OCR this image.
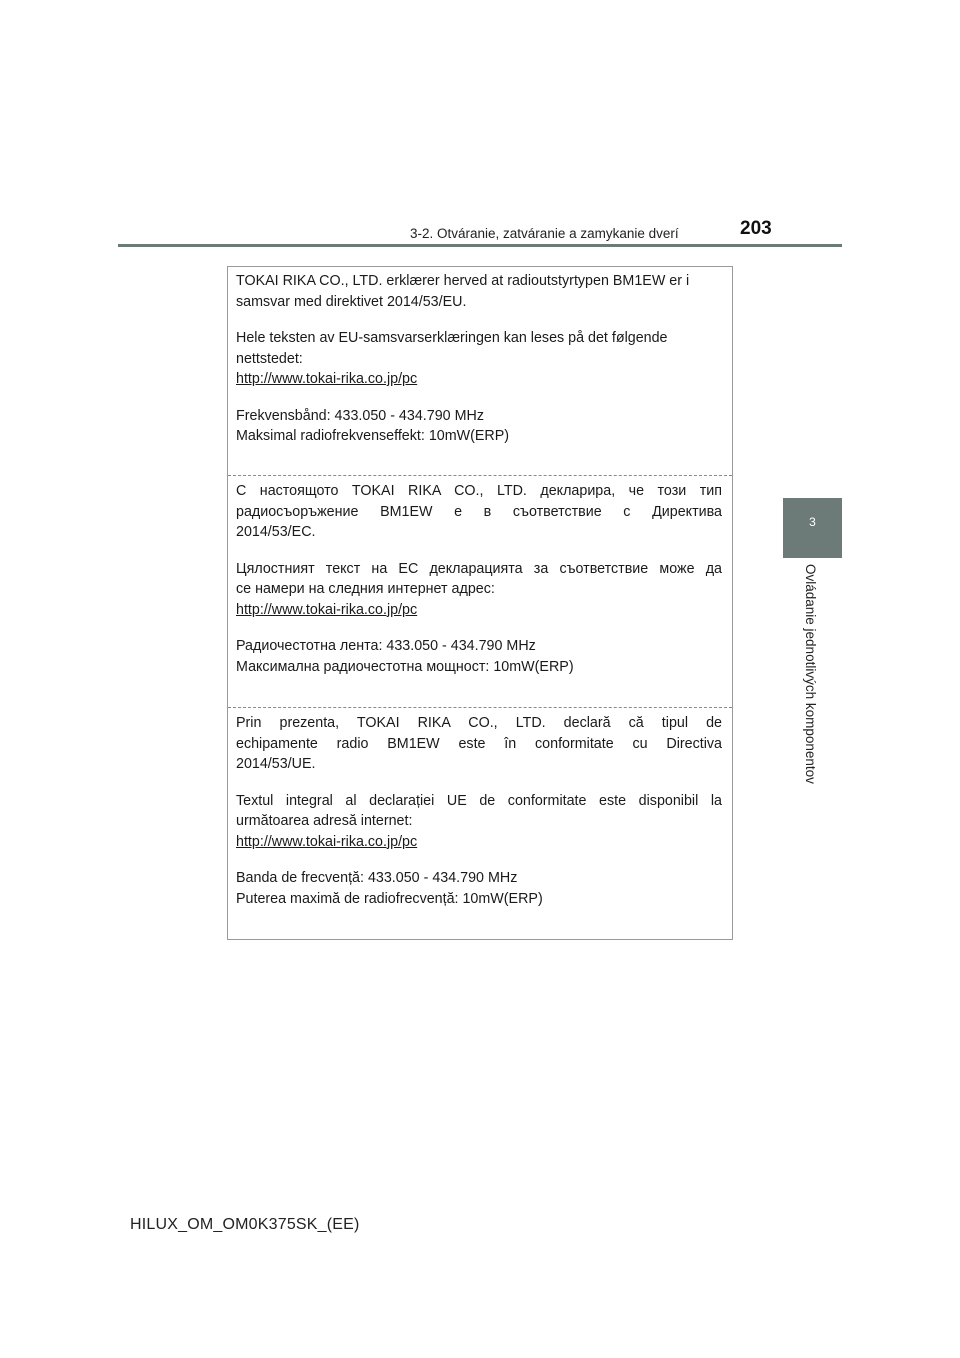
3-2. Otváranie, zatváranie a zamykanie dverí	203
3
Ovládanie jednotlivých komponentov

TOKAI RIKA CO., LTD. erklærer herved at radioutstyrtypen BM1EW er i samsvar med direktivet 2014/53/EU.

Hele teksten av EU-samsvarserklæringen kan leses på det følgende nettstedet:

http://www.tokai-rika.co.jp/pc

Frekvensbånd: 433.050 - 434.790 MHz
Maksimal radiofrekvenseffekt: 10mW(ERP)

С настоящото TOKAI RIKA CO., LTD. декларира, че този тип

радиосъоръжение BM1EW е в съответствие с Директива

2014/53/ЕС.

Цялостният текст на ЕС декларацията за съответствие може да

се намери на следния интернет адрес:

http://www.tokai-rika.co.jp/pc

Радиочестотна лента: 433.050 - 434.790 MHz
Максимална радиочестотна мощност: 10mW(ERP)

Prin prezenta, TOKAI RIKA CO., LTD. declară că tipul de

echipamente radio BM1EW este în conformitate cu Directiva

2014/53/UE.

Textul integral al declarației UE de conformitate este disponibil la

următoarea adresă internet:

http://www.tokai-rika.co.jp/pc

Banda de frecvență: 433.050 - 434.790 MHz
Puterea maximă de radiofrecvență: 10mW(ERP)
HILUX_OM_OM0K375SK_(EE)
